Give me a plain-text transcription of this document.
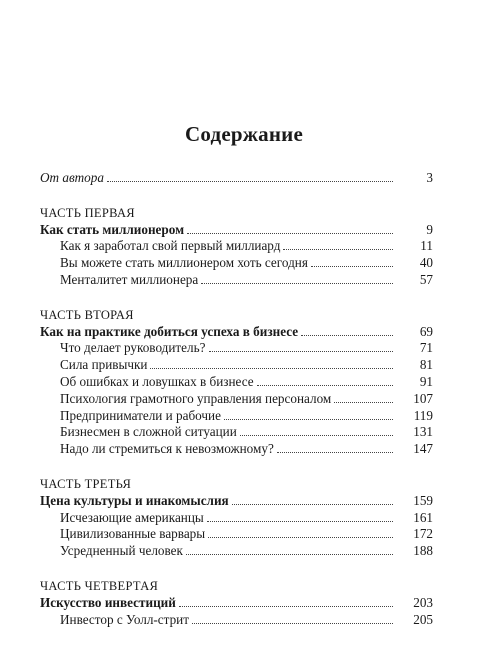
Содержание
От автора	3
ЧАСТЬ ПЕРВАЯ
Как стать миллионером	9
Как я заработал свой первый миллиард	11
Вы можете стать миллионером хоть сегодня	40
Менталитет миллионера	57
ЧАСТЬ ВТОРАЯ
Как на практике добиться успеха в бизнесе	69
Что делает руководитель?	71
Сила привычки	81
Об ошибках и ловушках в бизнесе	91
Психология грамотного управления персоналом	107
Предприниматели и рабочие	119
Бизнесмен в сложной ситуации	131
Надо ли стремиться к невозможному?	147
ЧАСТЬ ТРЕТЬЯ
Цена культуры и инакомыслия	159
Исчезающие американцы	161
Цивилизованные варвары	172
Усредненный человек	188
ЧАСТЬ ЧЕТВЕРТАЯ
Искусство инвестиций	203
Инвестор с Уолл-стрит	205
